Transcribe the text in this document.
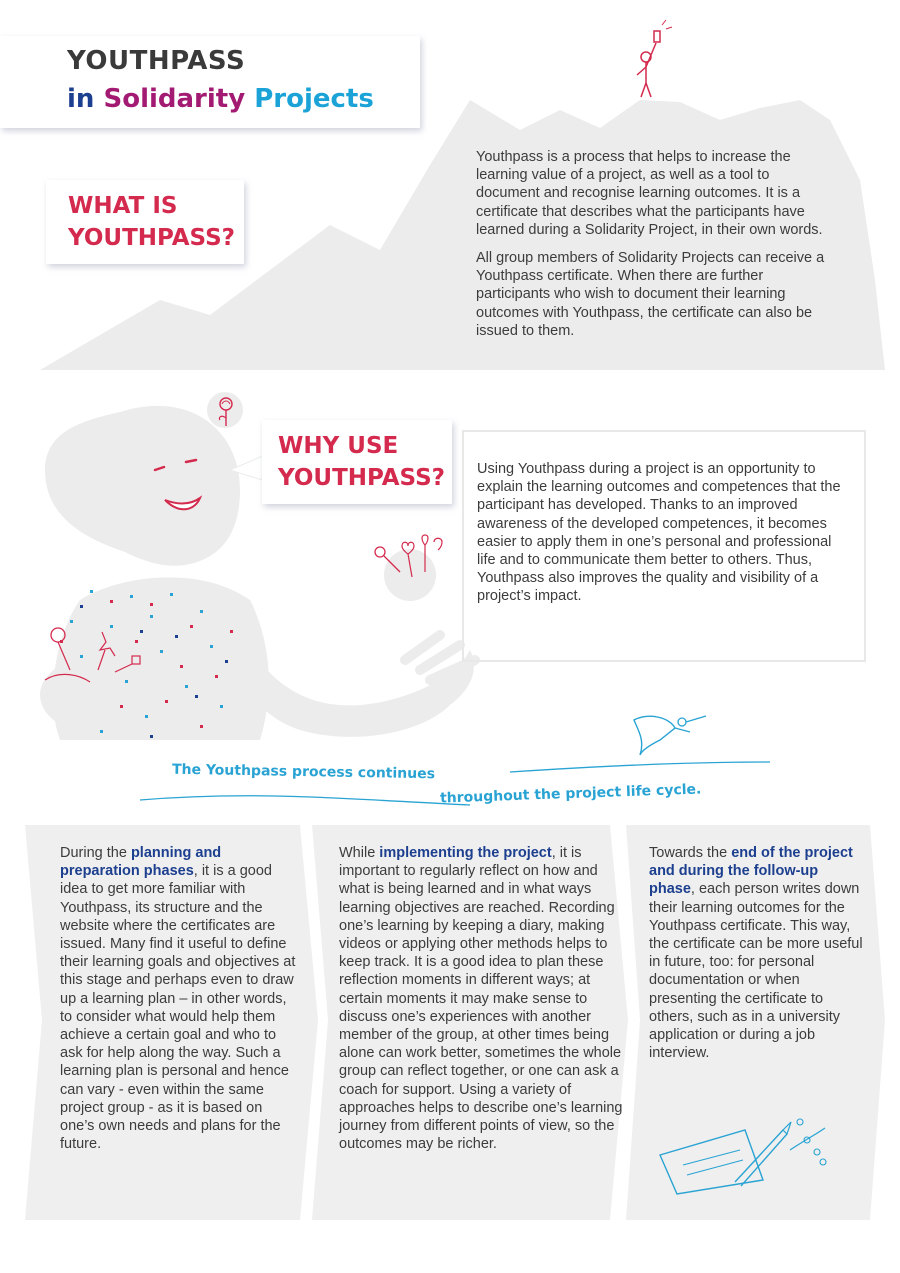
YOUTHPASS
in Solidarity Projects
WHAT IS
YOUTHPASS?

Youthpass is a process that helps to increase the learning value of a project, as well as a tool to document and recognise learning outcomes. It is a certificate that describes what the participants have learned during a Solidarity Project, in their own words.

All group members of Solidarity Projects can receive a Youthpass certificate. When there are further participants who wish to document their learning outcomes with Youthpass, the certificate can also be issued to them.

WHY USE
YOUTHPASS? Using Youthpass during a project is an opportunity to explain the learning outcomes and competences that the participant has developed. Thanks to an improved awareness of the developed competences, it becomes easier to apply them in one’s personal and professional life and to communicate them better to others. Thus, Youthpass also improves the quality and visibility of a project’s impact.

The Youthpass process continues
throughout the project life cycle.
During the planning and preparation phases, it is a good idea to get more familiar with Youthpass, its structure and the website where the certificates are issued. Many find it useful to define their learning goals and objectives at this stage and perhaps even to draw up a learning plan – in other words, to consider what would help them achieve a certain goal and who to ask for help along the way. Such a learning plan is personal and hence can vary - even within the same project group - as it is based on one’s own needs and plans for the future.
While implementing the project, it is important to regularly reflect on how and what is being learned and in what ways learning objectives are reached. Recording one’s learning by keeping a diary, making videos or applying other methods helps to keep track. It is a good idea to plan these reflection moments in different ways; at certain moments it may make sense to discuss one’s experiences with another member of the group, at other times being alone can work better, sometimes the whole group can reflect together, or one can ask a coach for support. Using a variety of approaches helps to describe one’s learning journey from different points of view, so the outcomes may be richer.
Towards the end of the project and during the follow-up phase, each person writes down their learning outcomes for the Youthpass certificate. This way, the certificate can be more useful in future, too: for personal documentation or when presenting the certificate to others, such as in a university application or during a job interview.
